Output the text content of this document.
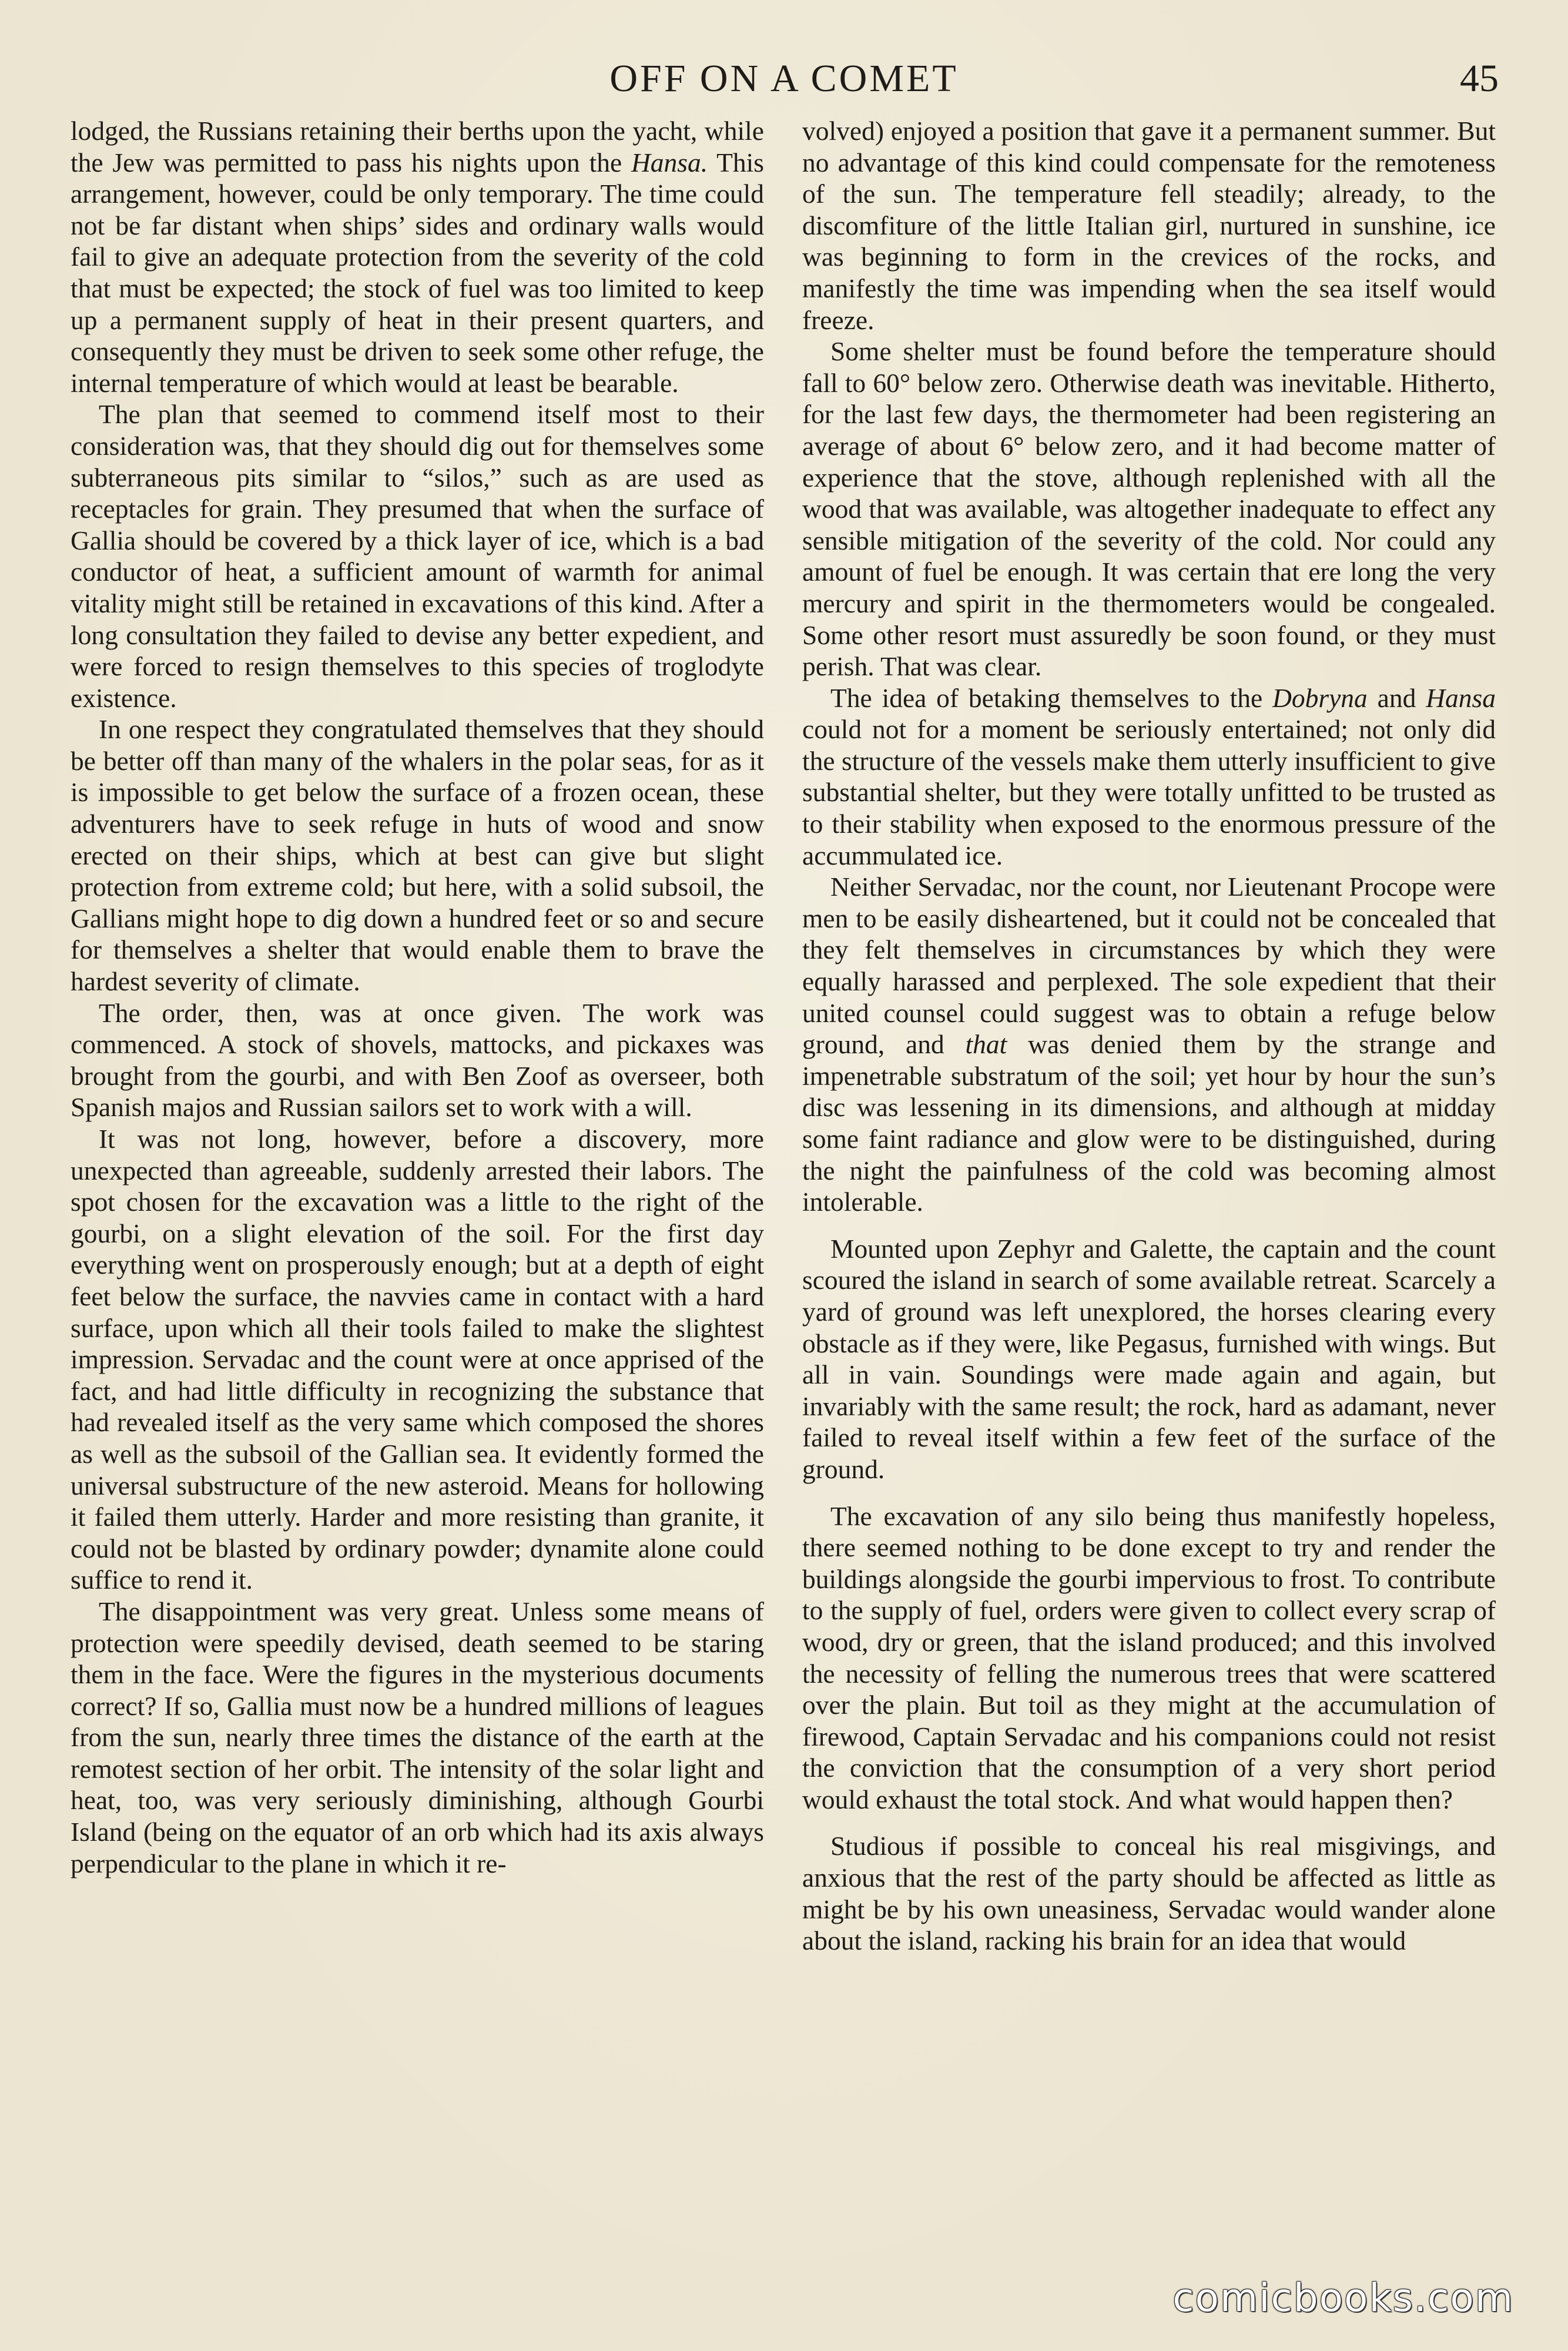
OFF ON A COMET	45

lodged, the Russians retaining their berths upon the yacht, while the Jew was permitted to pass his nights upon the Hansa. This arrangement, however, could be only temporary. The time could not be far distant when ships’ sides and ordinary walls would fail to give an adequate protection from the severity of the cold that must be expected; the stock of fuel was too limited to keep up a permanent supply of heat in their present quarters, and consequently they must be driven to seek some other refuge, the internal temperature of which would at least be bearable.

The plan that seemed to commend itself most to their consideration was, that they should dig out for themselves some subterraneous pits similar to “silos,” such as are used as receptacles for grain. They presumed that when the surface of Gallia should be covered by a thick layer of ice, which is a bad conductor of heat, a sufficient amount of warmth for animal vitality might still be retained in excavations of this kind. After a long consultation they failed to devise any better expedient, and were forced to resign themselves to this species of troglodyte existence.

In one respect they congratulated themselves that they should be better off than many of the whalers in the polar seas, for as it is impossible to get below the surface of a frozen ocean, these adventurers have to seek refuge in huts of wood and snow erected on their ships, which at best can give but slight protection from extreme cold; but here, with a solid subsoil, the Gallians might hope to dig down a hundred feet or so and secure for themselves a shelter that would enable them to brave the hardest severity of climate.

The order, then, was at once given. The work was commenced. A stock of shovels, mattocks, and pickaxes was brought from the gourbi, and with Ben Zoof as overseer, both Spanish majos and Russian sailors set to work with a will.

It was not long, however, before a discovery, more unexpected than agreeable, suddenly arrested their labors. The spot chosen for the excavation was a little to the right of the gourbi, on a slight elevation of the soil. For the first day everything went on prosperously enough; but at a depth of eight feet below the surface, the navvies came in contact with a hard surface, upon which all their tools failed to make the slightest impression. Servadac and the count were at once apprised of the fact, and had little difficulty in recognizing the substance that had revealed itself as the very same which composed the shores as well as the subsoil of the Gallian sea. It evidently formed the universal substructure of the new asteroid. Means for hollowing it failed them utterly. Harder and more resisting than granite, it could not be blasted by ordinary powder; dynamite alone could suffice to rend it.

The disappointment was very great. Unless some means of protection were speedily devised, death seemed to be staring them in the face. Were the figures in the mysterious documents correct? If so, Gallia must now be a hundred millions of leagues from the sun, nearly three times the distance of the earth at the remotest section of her orbit. The intensity of the solar light and heat, too, was very seriously diminishing, although Gourbi Island (being on the equator of an orb which had its axis always perpendicular to the plane in which it re-

volved) enjoyed a position that gave it a permanent summer. But no advantage of this kind could compensate for the remoteness of the sun. The temperature fell steadily; already, to the discomfiture of the little Italian girl, nurtured in sunshine, ice was beginning to form in the crevices of the rocks, and manifestly the time was impending when the sea itself would freeze.

Some shelter must be found before the temperature should fall to 60° below zero. Otherwise death was inevitable. Hitherto, for the last few days, the thermometer had been registering an average of about 6° below zero, and it had become matter of experience that the stove, although replenished with all the wood that was available, was altogether inadequate to effect any sensible mitigation of the severity of the cold. Nor could any amount of fuel be enough. It was certain that ere long the very mercury and spirit in the thermometers would be congealed. Some other resort must assuredly be soon found, or they must perish. That was clear.

The idea of betaking themselves to the Dobryna and Hansa could not for a moment be seriously entertained; not only did the structure of the vessels make them utterly insufficient to give substantial shelter, but they were totally unfitted to be trusted as to their stability when exposed to the enormous pressure of the accummulated ice.

Neither Servadac, nor the count, nor Lieutenant Procope were men to be easily disheartened, but it could not be concealed that they felt themselves in circumstances by which they were equally harassed and perplexed. The sole expedient that their united counsel could suggest was to obtain a refuge below ground, and that was denied them by the strange and impenetrable substratum of the soil; yet hour by hour the sun’s disc was lessening in its dimensions, and although at midday some faint radiance and glow were to be distinguished, during the night the painfulness of the cold was becoming almost intolerable.

Mounted upon Zephyr and Galette, the captain and the count scoured the island in search of some available retreat. Scarcely a yard of ground was left unexplored, the horses clearing every obstacle as if they were, like Pegasus, furnished with wings. But all in vain. Soundings were made again and again, but invariably with the same result; the rock, hard as adamant, never failed to reveal itself within a few feet of the surface of the ground.

The excavation of any silo being thus manifestly hopeless, there seemed nothing to be done except to try and render the buildings alongside the gourbi impervious to frost. To contribute to the supply of fuel, orders were given to collect every scrap of wood, dry or green, that the island produced; and this involved the necessity of felling the numerous trees that were scattered over the plain. But toil as they might at the accumulation of firewood, Captain Servadac and his companions could not resist the conviction that the consumption of a very short period would exhaust the total stock. And what would happen then?

Studious if possible to conceal his real misgivings, and anxious that the rest of the party should be affected as little as might be by his own uneasiness, Servadac would wander alone about the island, racking his brain for an idea that would

comicbooks.com
